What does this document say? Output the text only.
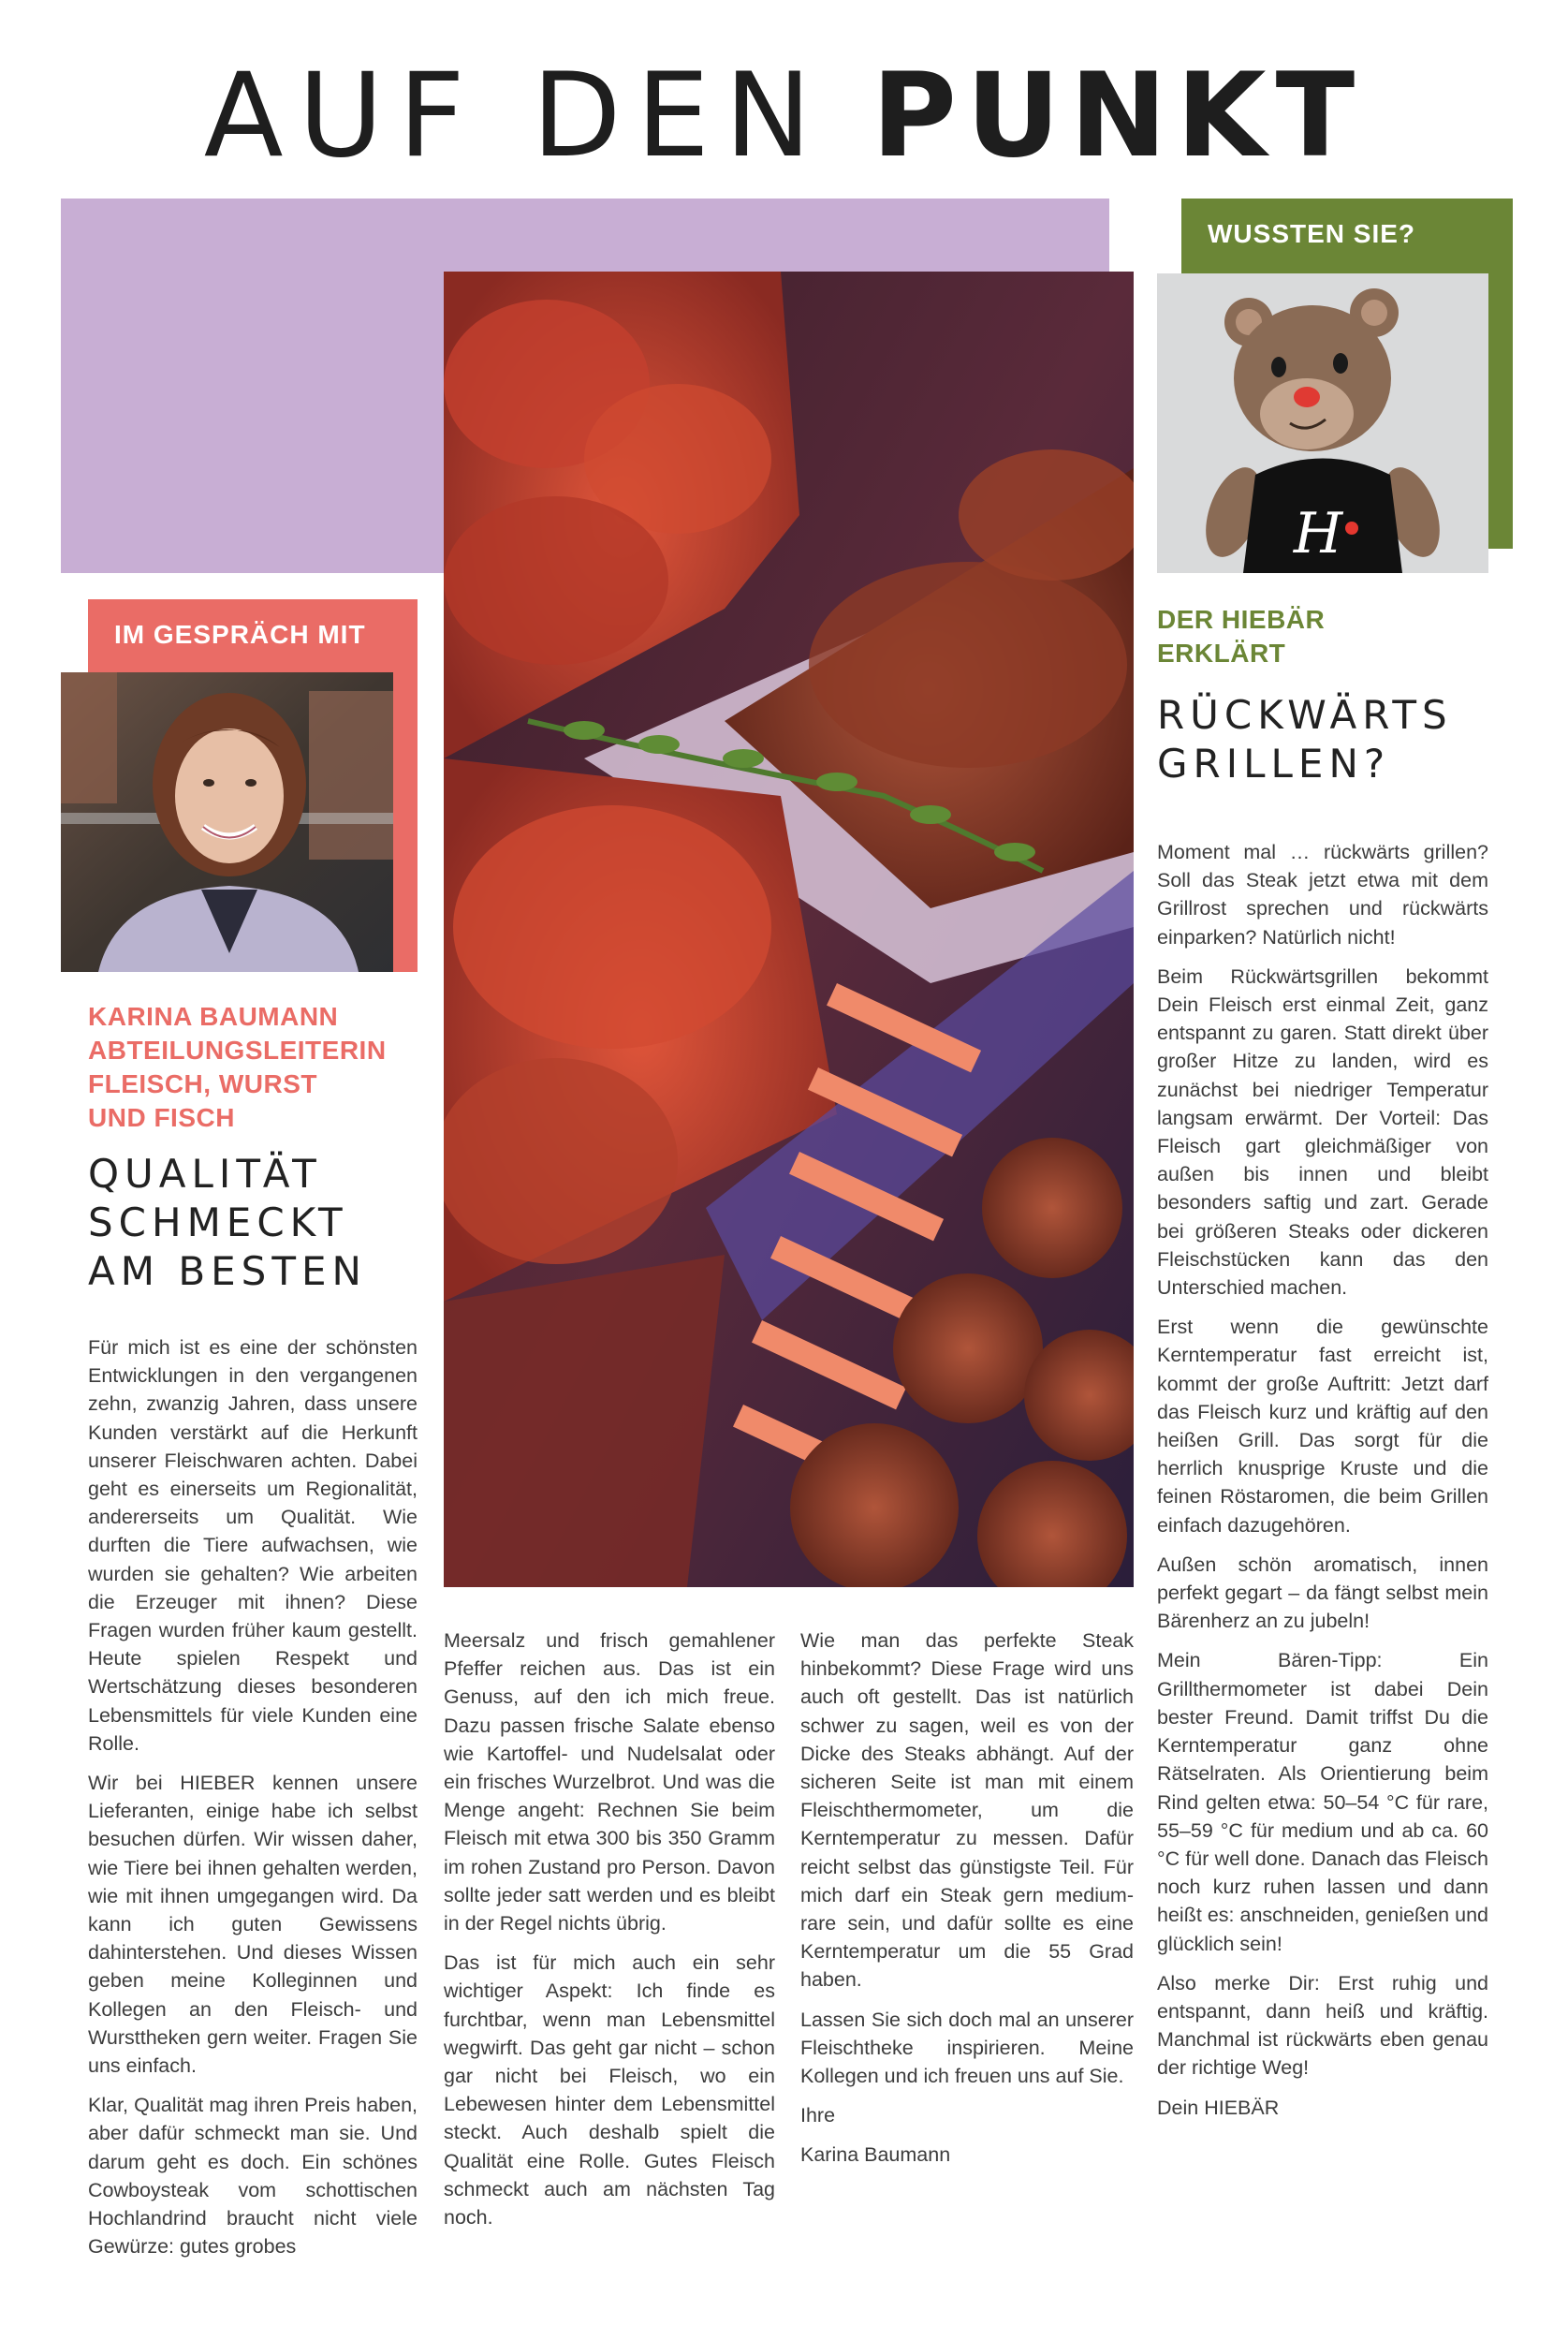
AUF DEN PUNKT
WUSSTEN SIE?
IM GESPRÄCH MIT
H
KARINA BAUMANN
ABTEILUNGSLEITERIN
FLEISCH, WURST
UND FISCH
QUALITÄT
SCHMECKT
AM BESTEN
DER HIEBÄR
ERKLÄRT
RÜCKWÄRTS
GRILLEN?

Für mich ist es eine der schönsten Entwicklungen in den vergangenen zehn, zwanzig Jahren, dass unsere Kunden verstärkt auf die Herkunft unserer Fleischwaren achten. Dabei geht es einerseits um Regionalität, andererseits um Qualität. Wie durften die Tiere aufwachsen, wie wurden sie gehalten? Wie arbeiten die Erzeuger mit ihnen? Diese Fragen wurden früher kaum gestellt. Heute spielen Respekt und Wertschätzung dieses besonderen Lebensmittels für viele Kunden eine Rolle.

Wir bei HIEBER kennen unsere Lieferanten, einige habe ich selbst besuchen dürfen. Wir wissen daher, wie Tiere bei ihnen gehalten werden, wie mit ihnen umgegangen wird. Da kann ich guten Gewissens dahinterstehen. Und dieses Wissen geben meine Kolleginnen und Kollegen an den Fleisch- und Wursttheken gern weiter. Fragen Sie uns einfach.

Klar, Qualität mag ihren Preis haben, aber dafür schmeckt man sie. Und darum geht es doch. Ein schönes Cowboysteak vom schottischen Hochlandrind braucht nicht viele Gewürze: gutes grobes

Meersalz und frisch gemahlener Pfeffer reichen aus. Das ist ein Genuss, auf den ich mich freue. Dazu passen frische Salate ebenso wie Kartoffel- und Nudelsalat oder ein frisches Wurzelbrot. Und was die Menge angeht: Rechnen Sie beim Fleisch mit etwa 300 bis 350 Gramm im rohen Zustand pro Person. Davon sollte jeder satt werden und es bleibt in der Regel nichts übrig.

Das ist für mich auch ein sehr wichtiger Aspekt: Ich finde es furchtbar, wenn man Lebensmittel wegwirft. Das geht gar nicht – schon gar nicht bei Fleisch, wo ein Lebewesen hinter dem Lebensmittel steckt. Auch deshalb spielt die Qualität eine Rolle. Gutes Fleisch schmeckt auch am nächsten Tag noch.

Wie man das perfekte Steak hinbekommt? Diese Frage wird uns auch oft gestellt. Das ist natürlich schwer zu sagen, weil es von der Dicke des Steaks abhängt. Auf der sicheren Seite ist man mit einem Fleischthermometer, um die Kerntemperatur zu messen. Dafür reicht selbst das günstigste Teil. Für mich darf ein Steak gern medium-rare sein, und dafür sollte es eine Kerntemperatur um die 55 Grad haben.

Lassen Sie sich doch mal an unserer Fleischtheke inspirieren. Meine Kollegen und ich freuen uns auf Sie.

Ihre

Karina Baumann

Moment mal … rückwärts grillen? Soll das Steak jetzt etwa mit dem Grillrost sprechen und rückwärts einparken? Natürlich nicht!

Beim Rückwärtsgrillen bekommt Dein Fleisch erst einmal Zeit, ganz entspannt zu garen. Statt direkt über großer Hitze zu landen, wird es zunächst bei niedriger Temperatur langsam erwärmt. Der Vorteil: Das Fleisch gart gleichmäßiger von außen bis innen und bleibt besonders saftig und zart. Gerade bei größeren Steaks oder dickeren Fleischstücken kann das den Unterschied machen.

Erst wenn die gewünschte Kerntemperatur fast erreicht ist, kommt der große Auftritt: Jetzt darf das Fleisch kurz und kräftig auf den heißen Grill. Das sorgt für die herrlich knusprige Kruste und die feinen Röstaromen, die beim Grillen einfach dazugehören.

Außen schön aromatisch, innen perfekt gegart – da fängt selbst mein Bärenherz an zu jubeln!

Mein Bären-Tipp: Ein Grillthermometer ist dabei Dein bester Freund. Damit triffst Du die Kerntemperatur ganz ohne Rätselraten. Als Orientierung beim Rind gelten etwa: 50–54 °C für rare, 55–59 °C für medium und ab ca. 60 °C für well done. Danach das Fleisch noch kurz ruhen lassen und dann heißt es: anschneiden, genießen und glücklich sein!

Also merke Dir: Erst ruhig und entspannt, dann heiß und kräftig. Manchmal ist rückwärts eben genau der richtige Weg!

Dein HIEBÄR
